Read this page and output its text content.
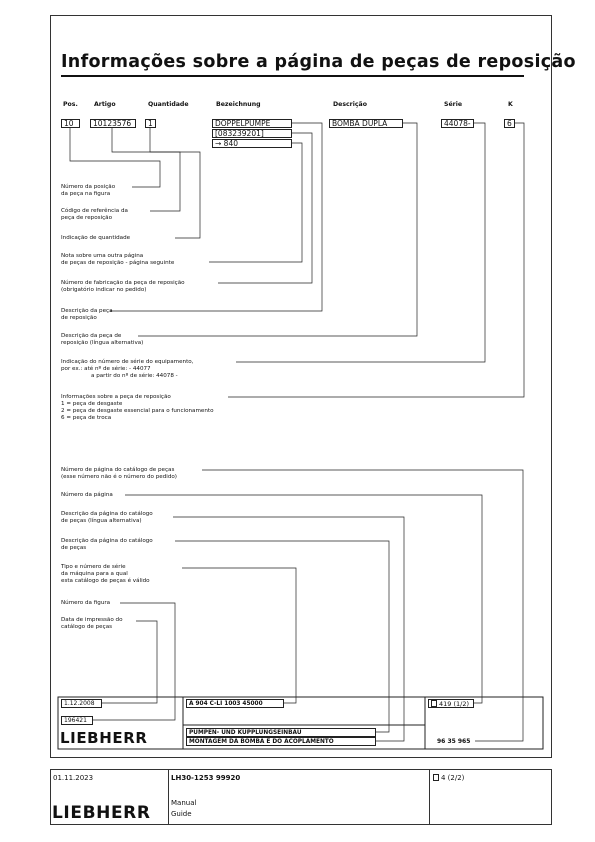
Informações sobre a página de peças de reposição
Pos.	Artigo	Quantidade	Bezeichnung	Descrição	Série	K
10	10123576	1	DOPPELPUMPE
[083239201]
→ 840
BOMBA DUPLA	44078-	6
Número da posição
da peça na figura
Código de referência da
peça de reposição
Indicação de quantidade
Nota sobre uma outra página
de peças de reposição - página seguinte
Número de fabricação da peça de reposição
(obrigatório indicar no pedido)
Descrição da peça
de reposição
Descrição da peça de
reposição (língua alternativa)
Indicação do número de série do equipamento,
por ex.: até nº de série: - 44077
a partir do nº de série: 44078 -
Informações sobre a peça de reposição
1 = peça de desgaste
2 = peça de desgaste essencial para o funcionamento
6 = peça de troca
Número de página do catálogo de peças
(esse número não é o número do pedido)
Número da página
Descrição da página do catálogo
de peças (língua alternativa)
Descrição da página do catálogo
de peças
Tipo e número de série
da máquina para a qual
esta catálogo de peças é válido
Número da figura
Data de impressão do
catálogo de peças
1.12.2008
196421
LIEBHERR
A 904 C-LI 1003 45000
PUMPEN- UND KUPPLUNGSEINBAU
MONTAGEM DA BOMBA E DO ACOPLAMENTO
419 (1/2)
96 35 965
01.11.2023	LH30-1253 99920	4 (2/2)
LIEBHERR	Manual
Guide
